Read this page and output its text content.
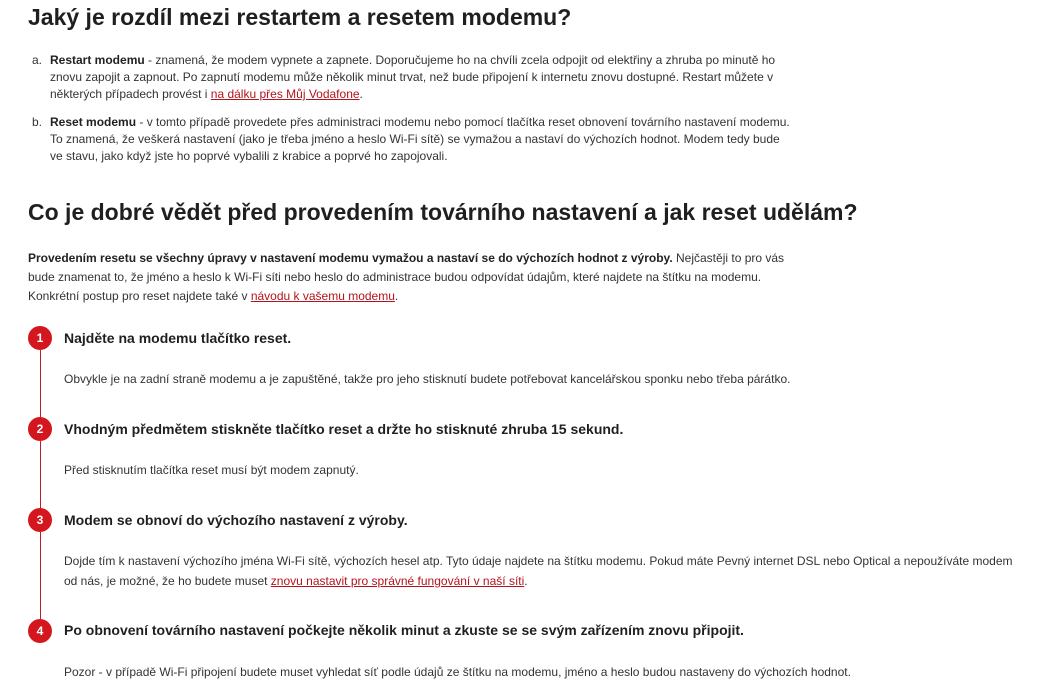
Jaký je rozdíl mezi restartem a resetem modemu?
a. Restart modemu - znamená, že modem vypnete a zapnete. Doporučujeme ho na chvíli zcela odpojit od elektřiny a zhruba po minutě ho znovu zapojit a zapnout. Po zapnutí modemu může několik minut trvat, než bude připojení k internetu znovu dostupné. Restart můžete v některých případech provést i na dálku přes Můj Vodafone.
b. Reset modemu - v tomto případě provedete přes administraci modemu nebo pomocí tlačítka reset obnovení továrního nastavení modemu. To znamená, že veškerá nastavení (jako je třeba jméno a heslo Wi-Fi sítě) se vymažou a nastaví do výchozích hodnot. Modem tedy bude ve stavu, jako když jste ho poprvé vybalili z krabice a poprvé ho zapojovali.
Co je dobré vědět před provedením továrního nastavení a jak reset udělám?
Provedením resetu se všechny úpravy v nastavení modemu vymažou a nastaví se do výchozích hodnot z výroby. Nejčastěji to pro vás bude znamenat to, že jméno a heslo k Wi-Fi síti nebo heslo do administrace budou odpovídat údajům, které najdete na štítku na modemu. Konkrétní postup pro reset najdete také v návodu k vašemu modemu.
1	Najděte na modemu tlačítko reset.
Obvykle je na zadní straně modemu a je zapuštěné, takže pro jeho stisknutí budete potřebovat kancelářskou sponku nebo třeba párátko.
2	Vhodným předmětem stiskněte tlačítko reset a držte ho stisknuté zhruba 15 sekund.
Před stisknutím tlačítka reset musí být modem zapnutý.
3	Modem se obnoví do výchozího nastavení z výroby.
Dojde tím k nastavení výchozího jména Wi-Fi sítě, výchozích hesel atp. Tyto údaje najdete na štítku modemu. Pokud máte Pevný internet DSL nebo Optical a nepoužíváte modem od nás, je možné, že ho budete muset znovu nastavit pro správné fungování v naší síti.
4	Po obnovení továrního nastavení počkejte několik minut a zkuste se se svým zařízením znovu připojit.
Pozor - v případě Wi-Fi připojení budete muset vyhledat síť podle údajů ze štítku na modemu, jméno a heslo budou nastaveny do výchozích hodnot.
